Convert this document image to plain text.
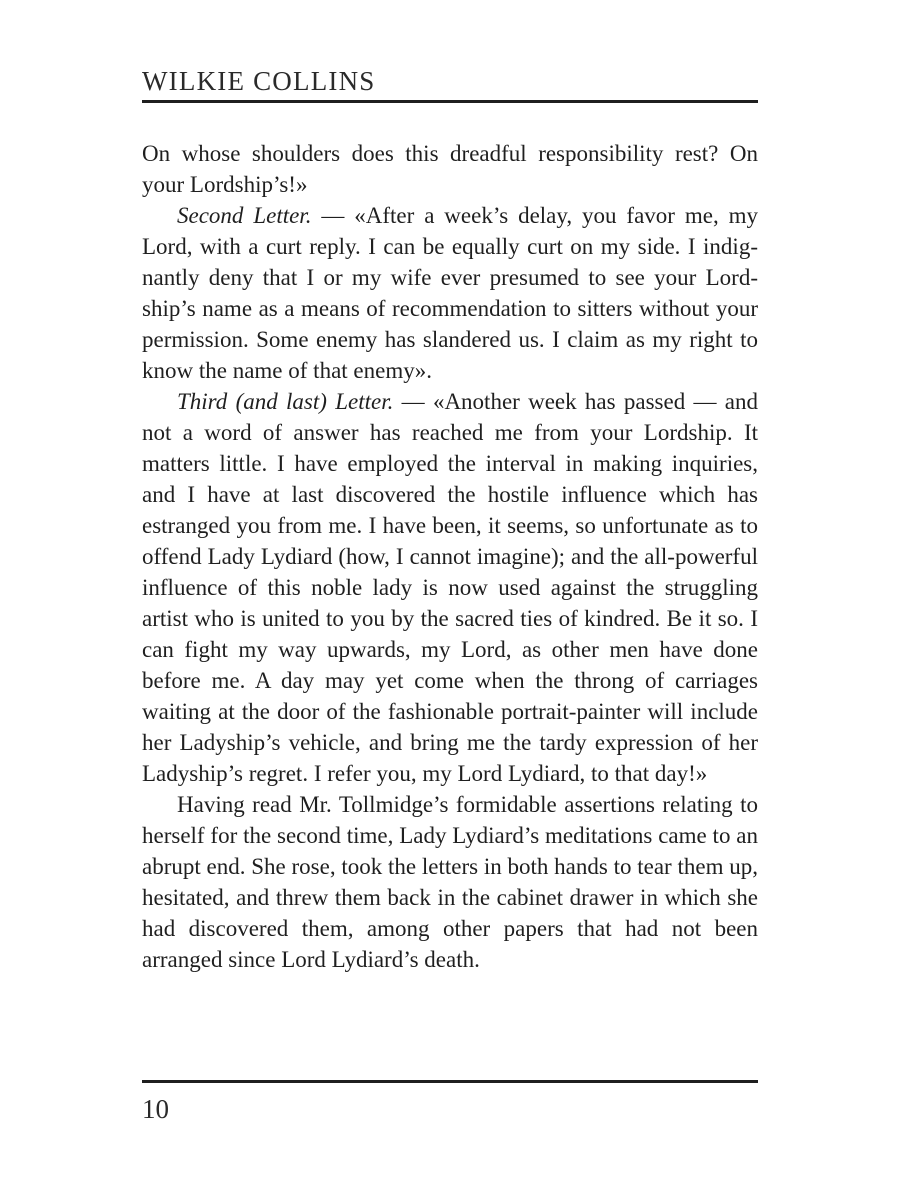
WILKIE COLLINS

On whose shoulders does this dreadful responsibility rest? On your Lordship’s!»

Second Letter. — «After a week’s delay, you favor me, my Lord, with a curt reply. I can be equally curt on my side. I indignantly deny that I or my wife ever presumed to see your Lordship’s name as a means of recommendation to sitters without your permission. Some enemy has slandered us. I claim as my right to know the name of that enemy».

Third (and last) Letter. — «Another week has passed — and not a word of answer has reached me from your Lordship. It matters little. I have employed the interval in making inquiries, and I have at last discovered the hostile influence which has estranged you from me. I have been, it seems, so unfortunate as to offend Lady Lydiard (how, I cannot imagine); and the all-powerful influence of this noble lady is now used against the struggling artist who is united to you by the sacred ties of kindred. Be it so. I can fight my way upwards, my Lord, as other men have done before me. A day may yet come when the throng of carriages waiting at the door of the fashionable portrait-painter will include her Ladyship’s vehicle, and bring me the tardy expression of her Ladyship’s regret. I refer you, my Lord Lydiard, to that day!»

Having read Mr. Tollmidge’s formidable assertions relating to herself for the second time, Lady Lydiard’s meditations came to an abrupt end. She rose, took the letters in both hands to tear them up, hesitated, and threw them back in the cabinet drawer in which she had discovered them, among other papers that had not been arranged since Lord Lydiard’s death.

10
